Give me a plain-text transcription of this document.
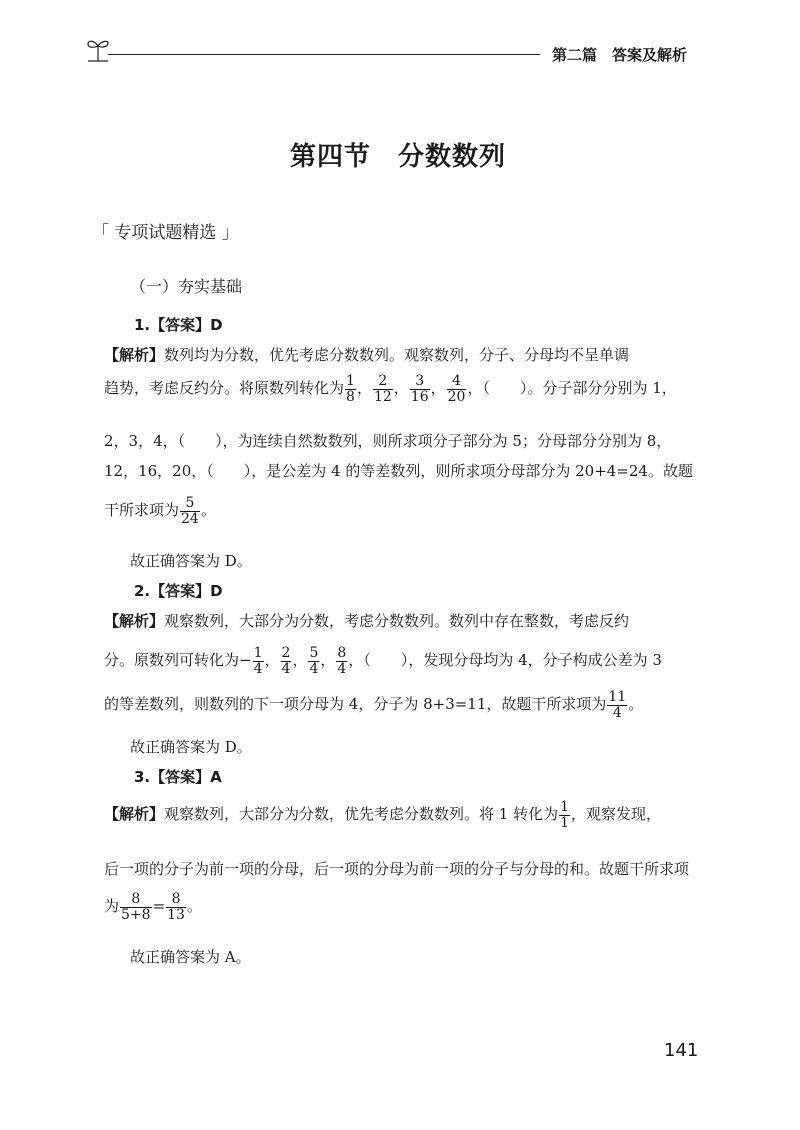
第二篇　答案及解析
第四节　分数数列
「 专项试题精选 」
（一）夯实基础
1.【答案】D
【解析】数列均为分数，优先考虑分数数列。观察数列，分子、分母均不呈单调
趋势，考虑反约分。将原数列转化为 $\frac{1}{8}$ ， $\frac{2}{12}$ ， $\frac{3}{16}$ ， $\frac{4}{20}$ ，（　　）。分子部分分别为 1，
2，3，4，（　　），为连续自然数数列，则所求项分子部分为 5；分母部分分别为 8，
12，16，20，（　　），是公差为 4 的等差数列，则所求项分母部分为 20+4=24。故题
干所求项为 $\frac{5}{24}$ 。
故正确答案为 D。
2.【答案】D
【解析】观察数列，大部分为分数，考虑分数数列。数列中存在整数，考虑反约
分。原数列可转化为− $\frac{1}{4}$ ， $\frac{2}{4}$ ， $\frac{5}{4}$ ， $\frac{8}{4}$ ，（　　），发现分母均为 4，分子构成公差为 3
的等差数列，则数列的下一项分母为 4，分子为 8+3=11，故题干所求项为 $\frac{11}{4}$ 。
故正确答案为 D。
3.【答案】A
【解析】观察数列，大部分为分数，优先考虑分数数列。将 1 转化为 $\frac{1}{1}$ ，观察发现，
后一项的分子为前一项的分母，后一项的分母为前一项的分子与分母的和。故题干所求项
为 $\frac{8}{5+8} = \frac{8}{13}$ 。
故正确答案为 A。
141
